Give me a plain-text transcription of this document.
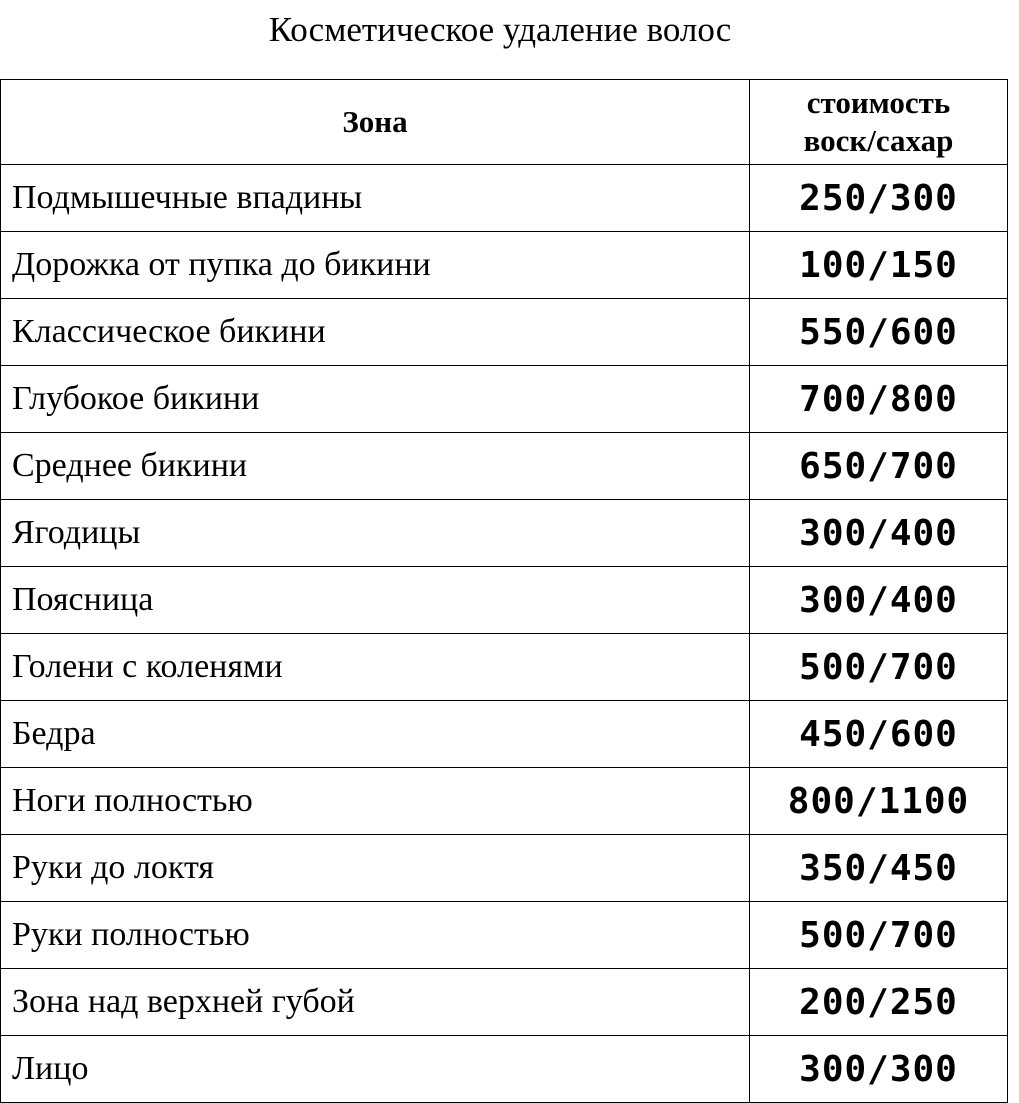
Косметическое удаление волос
Зона	стоимость
воск/сахар

Подмышечные впадины	250/300
Дорожка от пупка до бикини	100/150
Классическое бикини	550/600
Глубокое бикини	700/800
Среднее бикини	650/700
Ягодицы	300/400
Поясница	300/400
Голени с коленями	500/700
Бедра	450/600
Ноги полностью	800/1100
Руки до локтя	350/450
Руки полностью	500/700
Зона над верхней губой	200/250
Лицо	300/300
